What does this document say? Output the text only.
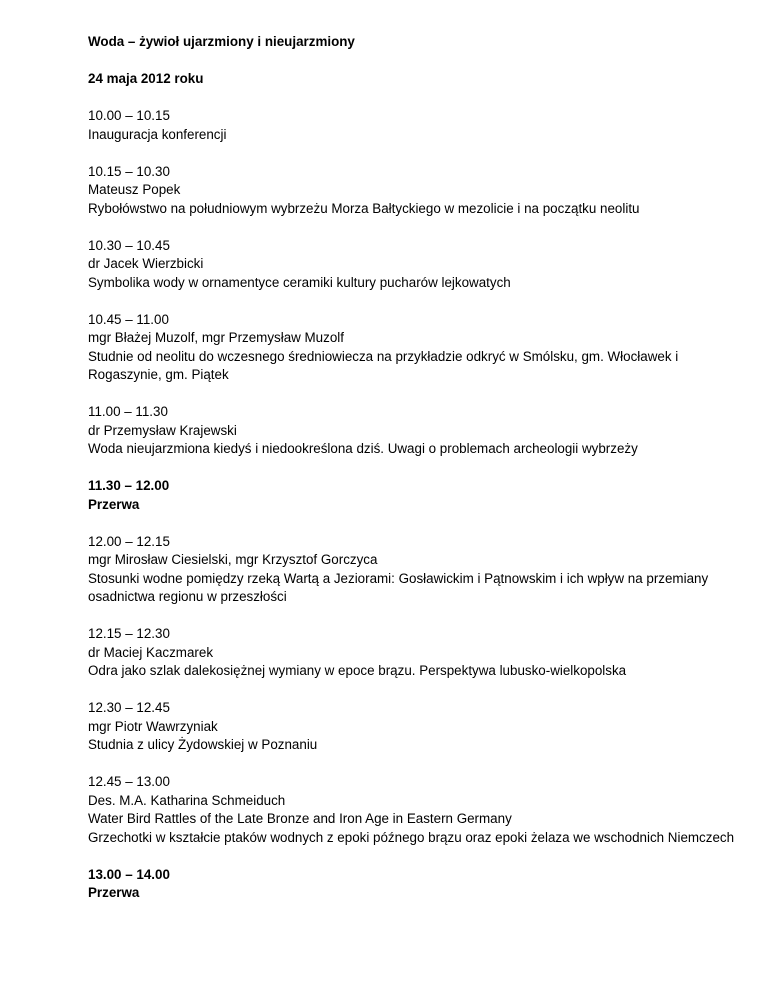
Woda – żywioł ujarzmiony i nieujarzmiony
24 maja 2012 roku
10.00 – 10.15
Inauguracja konferencji
10.15 – 10.30
Mateusz Popek
Rybołówstwo na południowym wybrzeżu Morza Bałtyckiego w mezolicie i na początku neolitu
10.30 – 10.45
dr Jacek Wierzbicki
Symbolika wody w ornamentyce ceramiki kultury pucharów lejkowatych
10.45 – 11.00
mgr Błażej Muzolf, mgr Przemysław Muzolf
Studnie od neolitu do wczesnego średniowiecza na przykładzie odkryć w Smólsku, gm. Włocławek i Rogaszynie, gm. Piątek
11.00 – 11.30
dr Przemysław Krajewski
Woda nieujarzmiona kiedyś i niedookreślona dziś. Uwagi o problemach archeologii wybrzeży
11.30 – 12.00
Przerwa
12.00 – 12.15
mgr Mirosław Ciesielski, mgr Krzysztof Gorczyca
Stosunki wodne pomiędzy rzeką Wartą a Jeziorami: Gosławickim i Pątnowskim i ich wpływ na przemiany osadnictwa regionu w przeszłości
12.15 – 12.30
dr Maciej Kaczmarek
Odra jako szlak dalekosiężnej wymiany w epoce brązu. Perspektywa lubusko-wielkopolska
12.30 – 12.45
mgr Piotr Wawrzyniak
Studnia z ulicy Żydowskiej w Poznaniu
12.45 – 13.00
Des. M.A. Katharina Schmeiduch
Water Bird Rattles of the Late Bronze and Iron Age in Eastern Germany
Grzechotki w kształcie ptaków wodnych z epoki późnego brązu oraz epoki żelaza we wschodnich Niemczech
13.00 – 14.00
Przerwa
